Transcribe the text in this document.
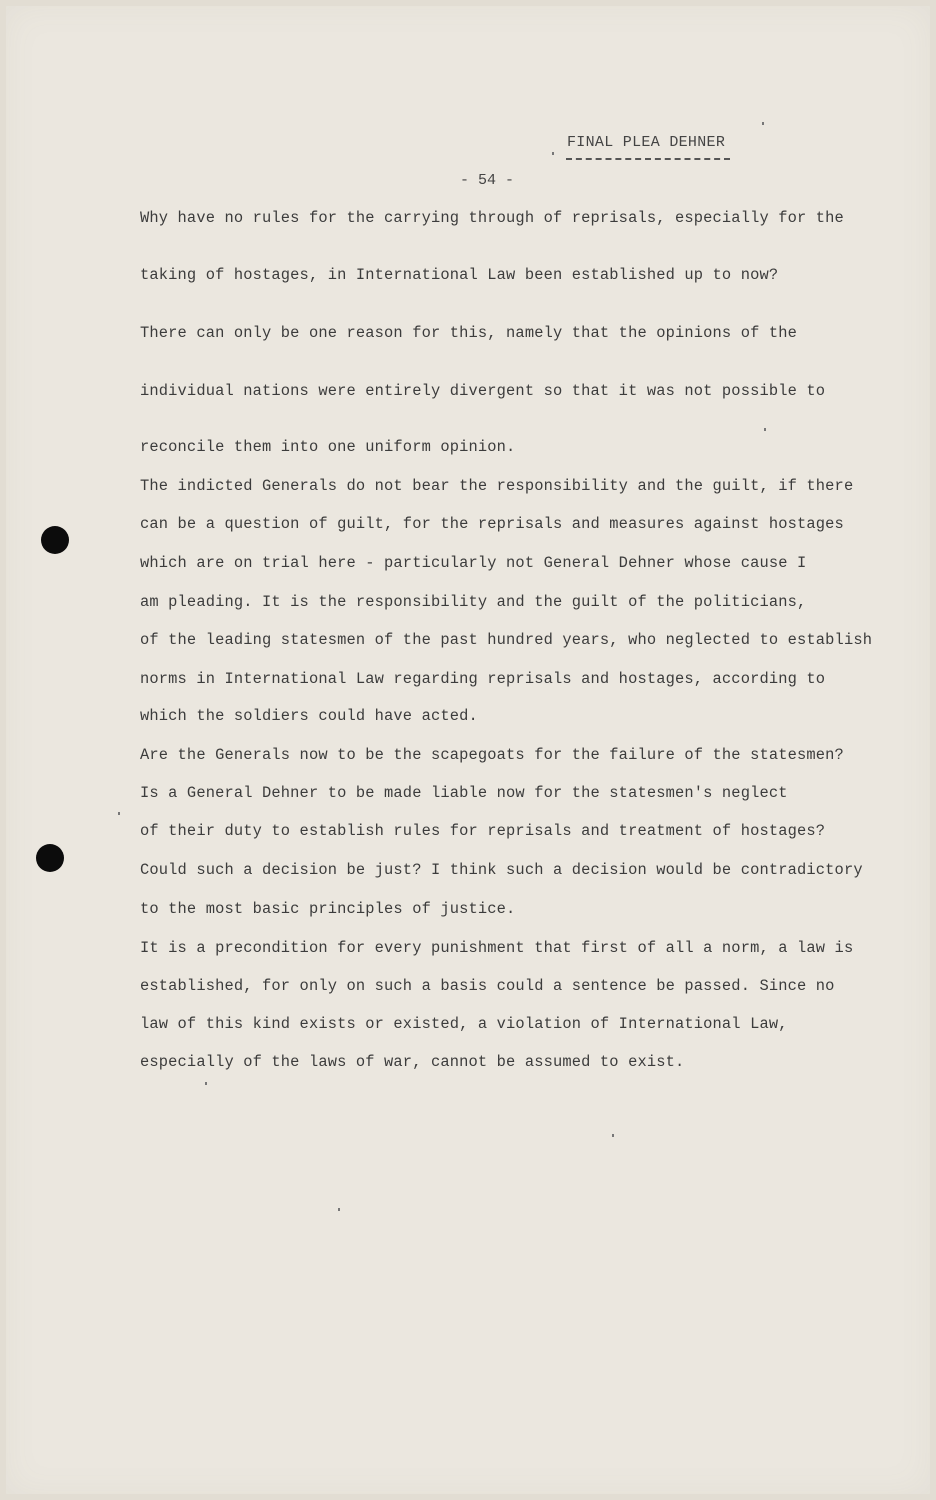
FINAL PLEA DEHNER
- 54 -
Why have no rules for the carrying through of reprisals, especially for the
taking of hostages, in International Law been established up to now?
There can only be one reason for this, namely that the opinions of the
individual nations were entirely divergent so that it was not possible to
reconcile them into one uniform opinion.
The indicted Generals do not bear the responsibility and the guilt, if there
can be a question of guilt, for the reprisals and measures against hostages
which are on trial here - particularly not General Dehner whose cause I
am pleading. It is the responsibility and the guilt of the politicians,
of the leading statesmen of the past hundred years, who neglected to establish
norms in International Law regarding reprisals and hostages, according to
which the soldiers could have acted.
Are the Generals now to be the scapegoats for the failure of the statesmen?
Is a General Dehner to be made liable now for the statesmen's neglect
of their duty to establish rules for reprisals and treatment of hostages?
Could such a decision be just? I think such a decision would be contradictory
to the most basic principles of justice.
It is a precondition for every punishment that first of all a norm, a law is
established, for only on such a basis could a sentence be passed. Since no
law of this kind exists or existed, a violation of International Law,
especially of the laws of war, cannot be assumed to exist.
